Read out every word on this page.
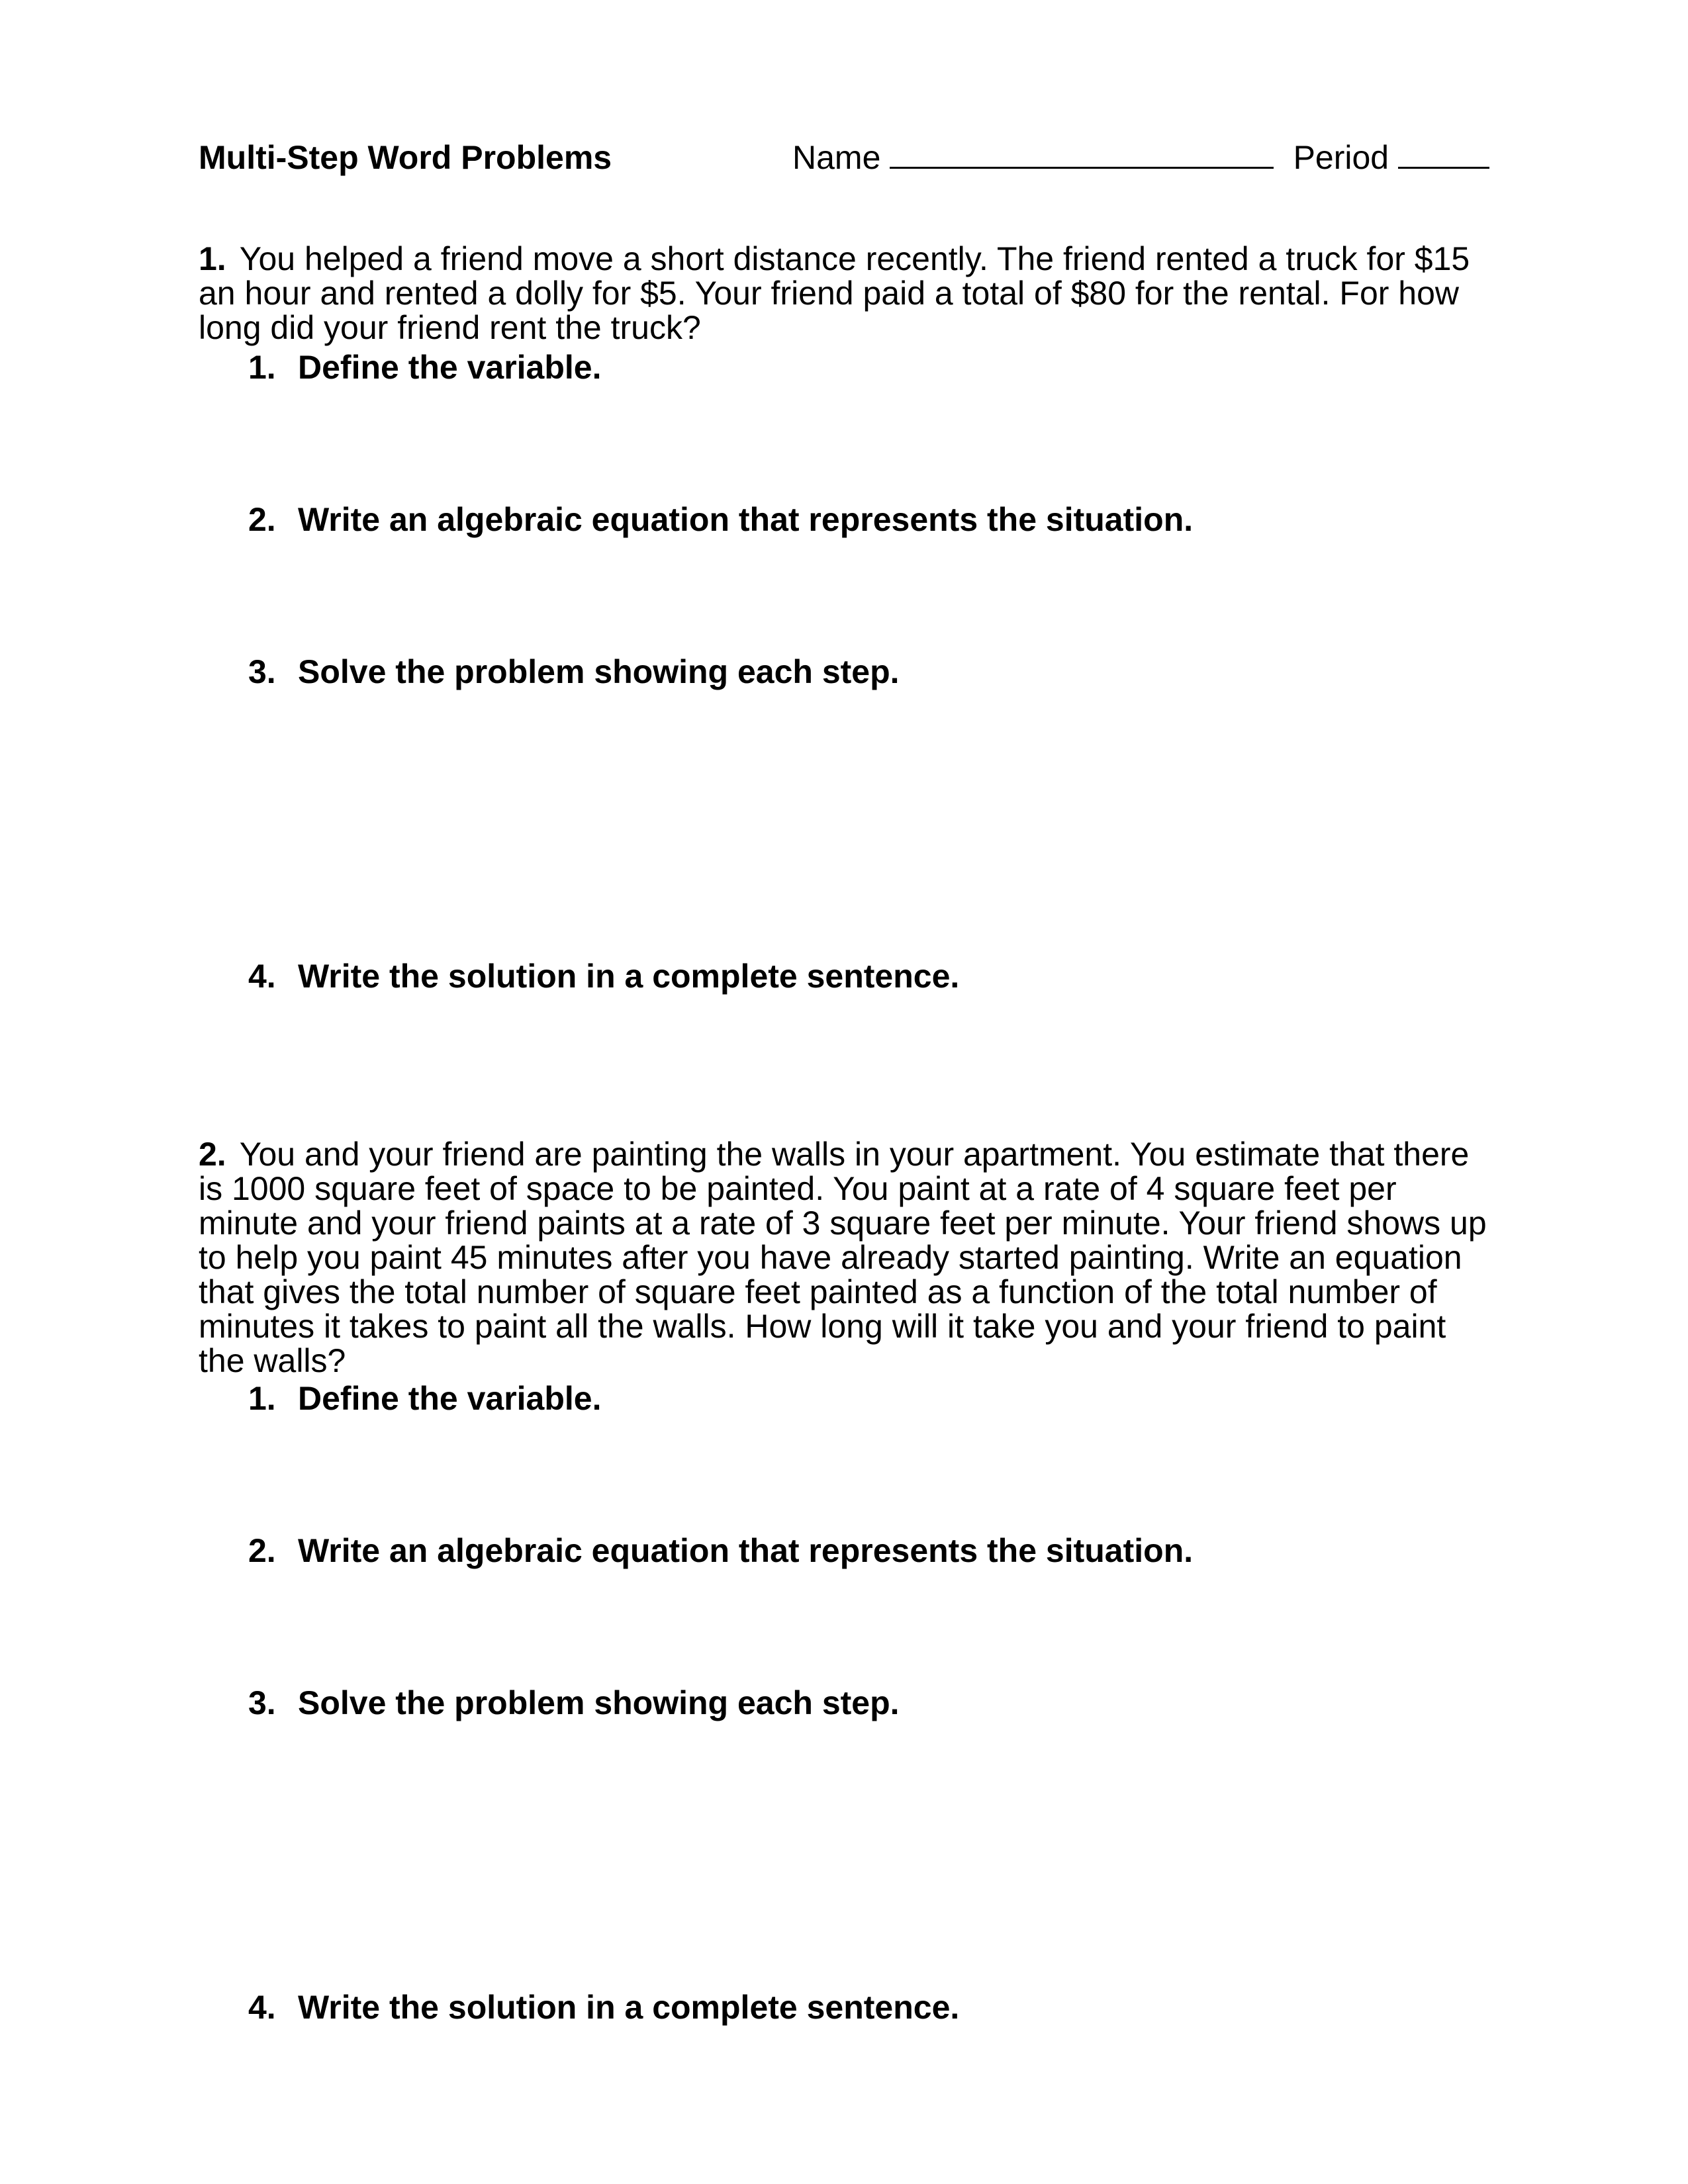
Multi-Step Word Problems	Name	Period

1. You helped a friend move a short distance recently. The friend rented a truck for $15 an hour and rented a dolly for $5. Your friend paid a total of $80 for the rental. For how long did your friend rent the truck?

1. Define the variable.
2. Write an algebraic equation that represents the situation.
3. Solve the problem showing each step.
4. Write the solution in a complete sentence.

2. You and your friend are painting the walls in your apartment. You estimate that there is 1000 square feet of space to be painted. You paint at a rate of 4 square feet per minute and your friend paints at a rate of 3 square feet per minute. Your friend shows up to help you paint 45 minutes after you have already started painting. Write an equation that gives the total number of square feet painted as a function of the total number of minutes it takes to paint all the walls. How long will it take you and your friend to paint the walls?

1. Define the variable.
2. Write an algebraic equation that represents the situation.
3. Solve the problem showing each step.
4. Write the solution in a complete sentence.
